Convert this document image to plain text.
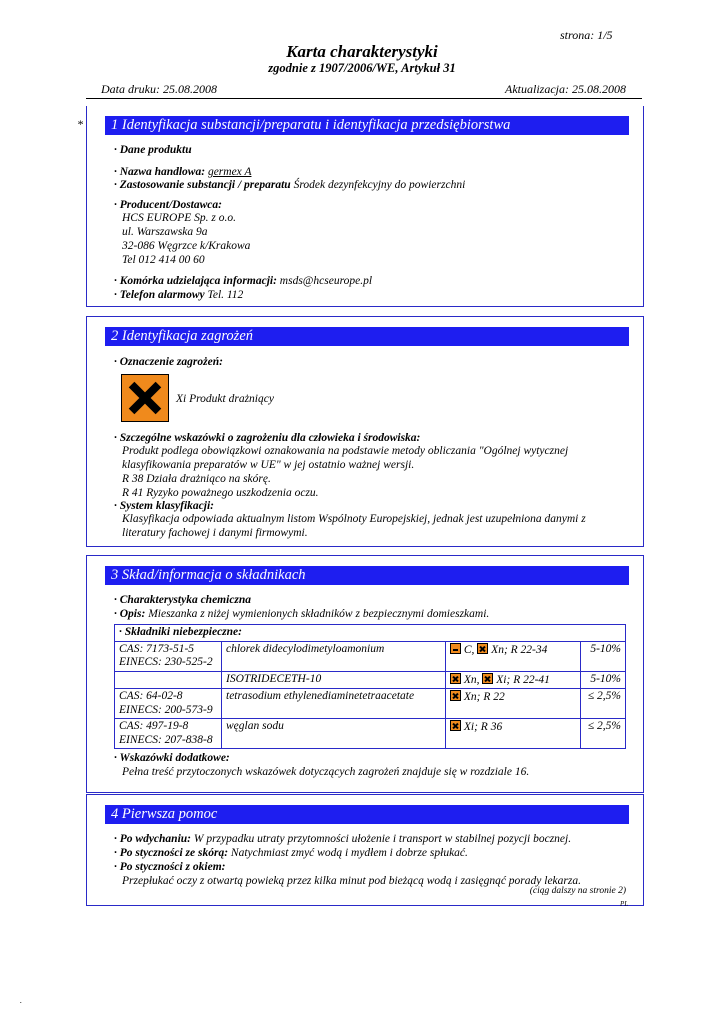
strona: 1/5
Karta charakterystyki
zgodnie z 1907/2006/WE, Artykuł 31
Data druku: 25.08.2008	Aktualizacja: 25.08.2008
*	1 Identyfikacja substancji/preparatu i identyfikacja przedsiębiorstwa
· Dane produktu
· Nazwa handlowa: germex A
· Zastosowanie substancji / preparatu Środek dezynfekcyjny do powierzchni
· Producent/Dostawca:
HCS EUROPE Sp. z o.o.
ul. Warszawska 9a
32-086 Węgrzce k/Krakowa
Tel 012 414 00 60
· Komórka udzielająca informacji: msds@hcseurope.pl
· Telefon alarmowy Tel. 112
2 Identyfikacja zagrożeń
· Oznaczenie zagrożeń:
Xi Produkt drażniący
· Szczególne wskazówki o zagrożeniu dla człowieka i środowiska:
Produkt podlega obowiązkowi oznakowania na podstawie metody obliczania "Ogólnej wytycznej klasyfikowania preparatów w UE" w jej ostatnio ważnej wersji.
R 38 Działa drażniąco na skórę.
R 41 Ryzyko poważnego uszkodzenia oczu.
· System klasyfikacji:
Klasyfikacja odpowiada aktualnym listom Wspólnoty Europejskiej, jednak jest uzupełniona danymi z literatury fachowej i danymi firmowymi.
3 Skład/informacja o składnikach
· Charakterystyka chemiczna
· Opis: Mieszanka z niżej wymienionych składników z bezpiecznymi domieszkami.
· Składniki niebezpieczne:			
CAS: 7173-51-5
EINECS: 230-525-2	chlorek didecylodimetyloamonium	C, Xn; R 22-34	5-10%
	ISOTRIDECETH-10	Xn, Xi; R 22-41	5-10%
CAS: 64-02-8
EINECS: 200-573-9	tetrasodium ethylenediaminetetraacetate	Xn; R 22	≤ 2,5%
CAS: 497-19-8
EINECS: 207-838-8	węglan sodu	Xi; R 36	≤ 2,5%
· Wskazówki dodatkowe:
Pełna treść przytoczonych wskazówek dotyczących zagrożeń znajduje się w rozdziale 16.
4 Pierwsza pomoc
· Po wdychaniu: W przypadku utraty przytomności ułożenie i transport w stabilnej pozycji bocznej.
· Po styczności ze skórą: Natychmiast zmyć wodą i mydłem i dobrze spłukać.
· Po styczności z okiem:
Przepłukać oczy z otwartą powieką przez kilka minut pod bieżącą wodą i zasięgnąć porady lekarza.
(ciąg dalszy na stronie 2)
PL
.
